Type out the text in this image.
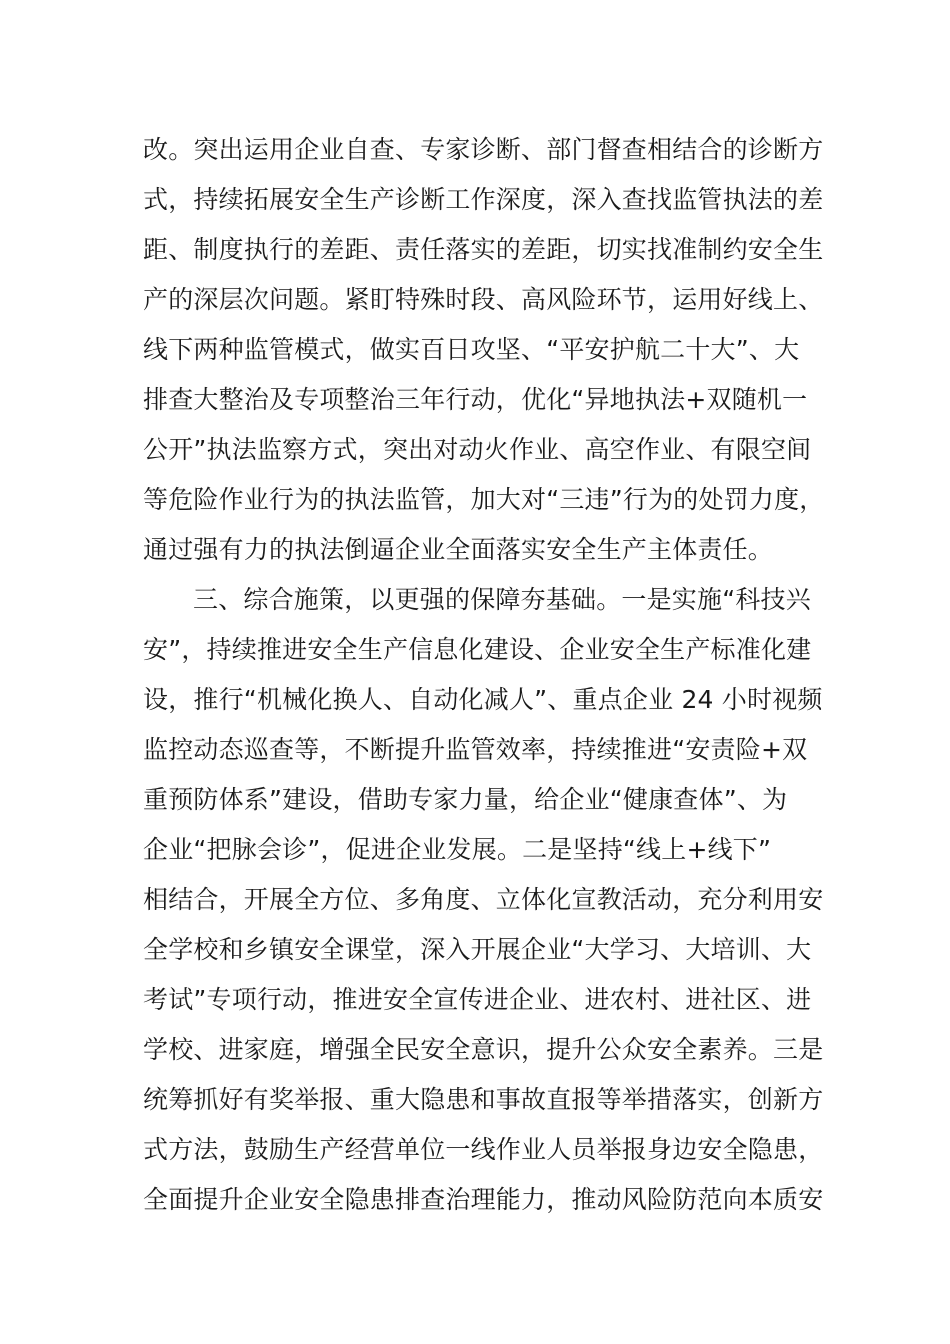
改。突出运用企业自查、专家诊断、部门督查相结合的诊断方
式，持续拓展安全生产诊断工作深度，深入查找监管执法的差
距、制度执行的差距、责任落实的差距，切实找准制约安全生
产的深层次问题。紧盯特殊时段、高风险环节，运用好线上、
线下两种监管模式，做实百日攻坚、“平安护航二十大”、大
排查大整治及专项整治三年行动，优化“异地执法+双随机一
公开”执法监察方式，突出对动火作业、高空作业、有限空间
等危险作业行为的执法监管，加大对“三违”行为的处罚力度，
通过强有力的执法倒逼企业全面落实安全生产主体责任。
三、综合施策，以更强的保障夯基础。一是实施“科技兴
安”，持续推进安全生产信息化建设、企业安全生产标准化建
设，推行“机械化换人、自动化减人”、重点企业 24 小时视频
监控动态巡查等，不断提升监管效率，持续推进“安责险+双
重预防体系”建设，借助专家力量，给企业“健康查体”、为
企业“把脉会诊”，促进企业发展。二是坚持“线上+线下”
相结合，开展全方位、多角度、立体化宣教活动，充分利用安
全学校和乡镇安全课堂，深入开展企业“大学习、大培训、大
考试”专项行动，推进安全宣传进企业、进农村、进社区、进
学校、进家庭，增强全民安全意识，提升公众安全素养。三是
统筹抓好有奖举报、重大隐患和事故直报等举措落实，创新方
式方法，鼓励生产经营单位一线作业人员举报身边安全隐患，
全面提升企业安全隐患排查治理能力，推动风险防范向本质安
